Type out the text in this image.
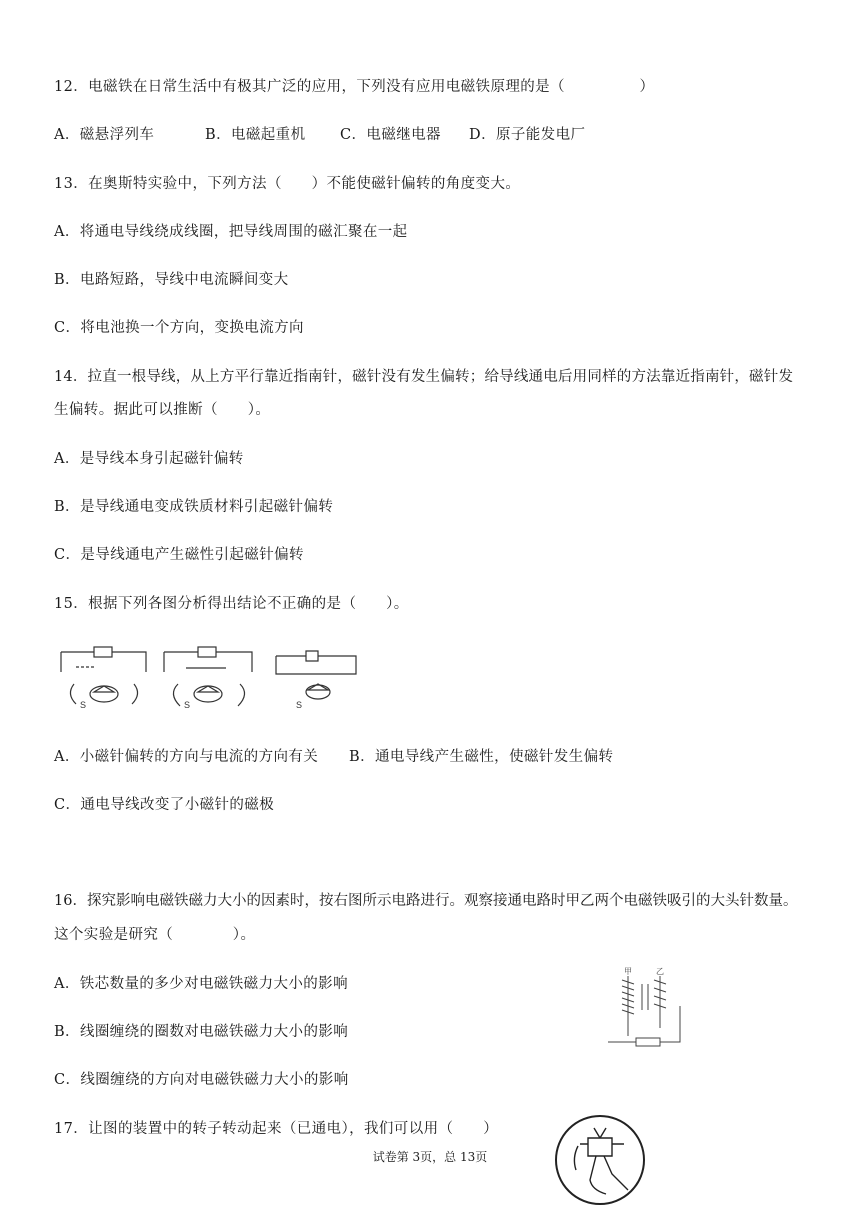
12．电磁铁在日常生活中有极其广泛的应用，下列没有应用电磁铁原理的是（　　　　　）
A．磁悬浮列车	B．电磁起重机 C．电磁继电器 D．原子能发电厂
13．在奥斯特实验中，下列方法（　　）不能使磁针偏转的角度变大。
A．将通电导线绕成线圈，把导线周围的磁汇聚在一起
B．电路短路，导线中电流瞬间变大
C．将电池换一个方向，变换电流方向
14．拉直一根导线，从上方平行靠近指南针，磁针没有发生偏转；给导线通电后用同样的方法靠近指南针，磁针发
生偏转。据此可以推断（　　）。
A．是导线本身引起磁针偏转
B．是导线通电变成铁质材料引起磁针偏转
C．是导线通电产生磁性引起磁针偏转
15．根据下列各图分析得出结论不正确的是（　　）。
S	S	S
A．小磁针偏转的方向与电流的方向有关 B．通电导线产生磁性，使磁针发生偏转
C．通电导线改变了小磁针的磁极
16．探究影响电磁铁磁力大小的因素时，按右图所示电路进行。观察接通电路时甲乙两个电磁铁吸引的大头针数量。
这个实验是研究（　　　　）。
A．铁芯数量的多少对电磁铁磁力大小的影响
B．线圈缠绕的圈数对电磁铁磁力大小的影响
C．线圈缠绕的方向对电磁铁磁力大小的影响
甲	乙
17．让图的装置中的转子转动起来（已通电），我们可以用（　　）
试卷第 3页，总 13页
